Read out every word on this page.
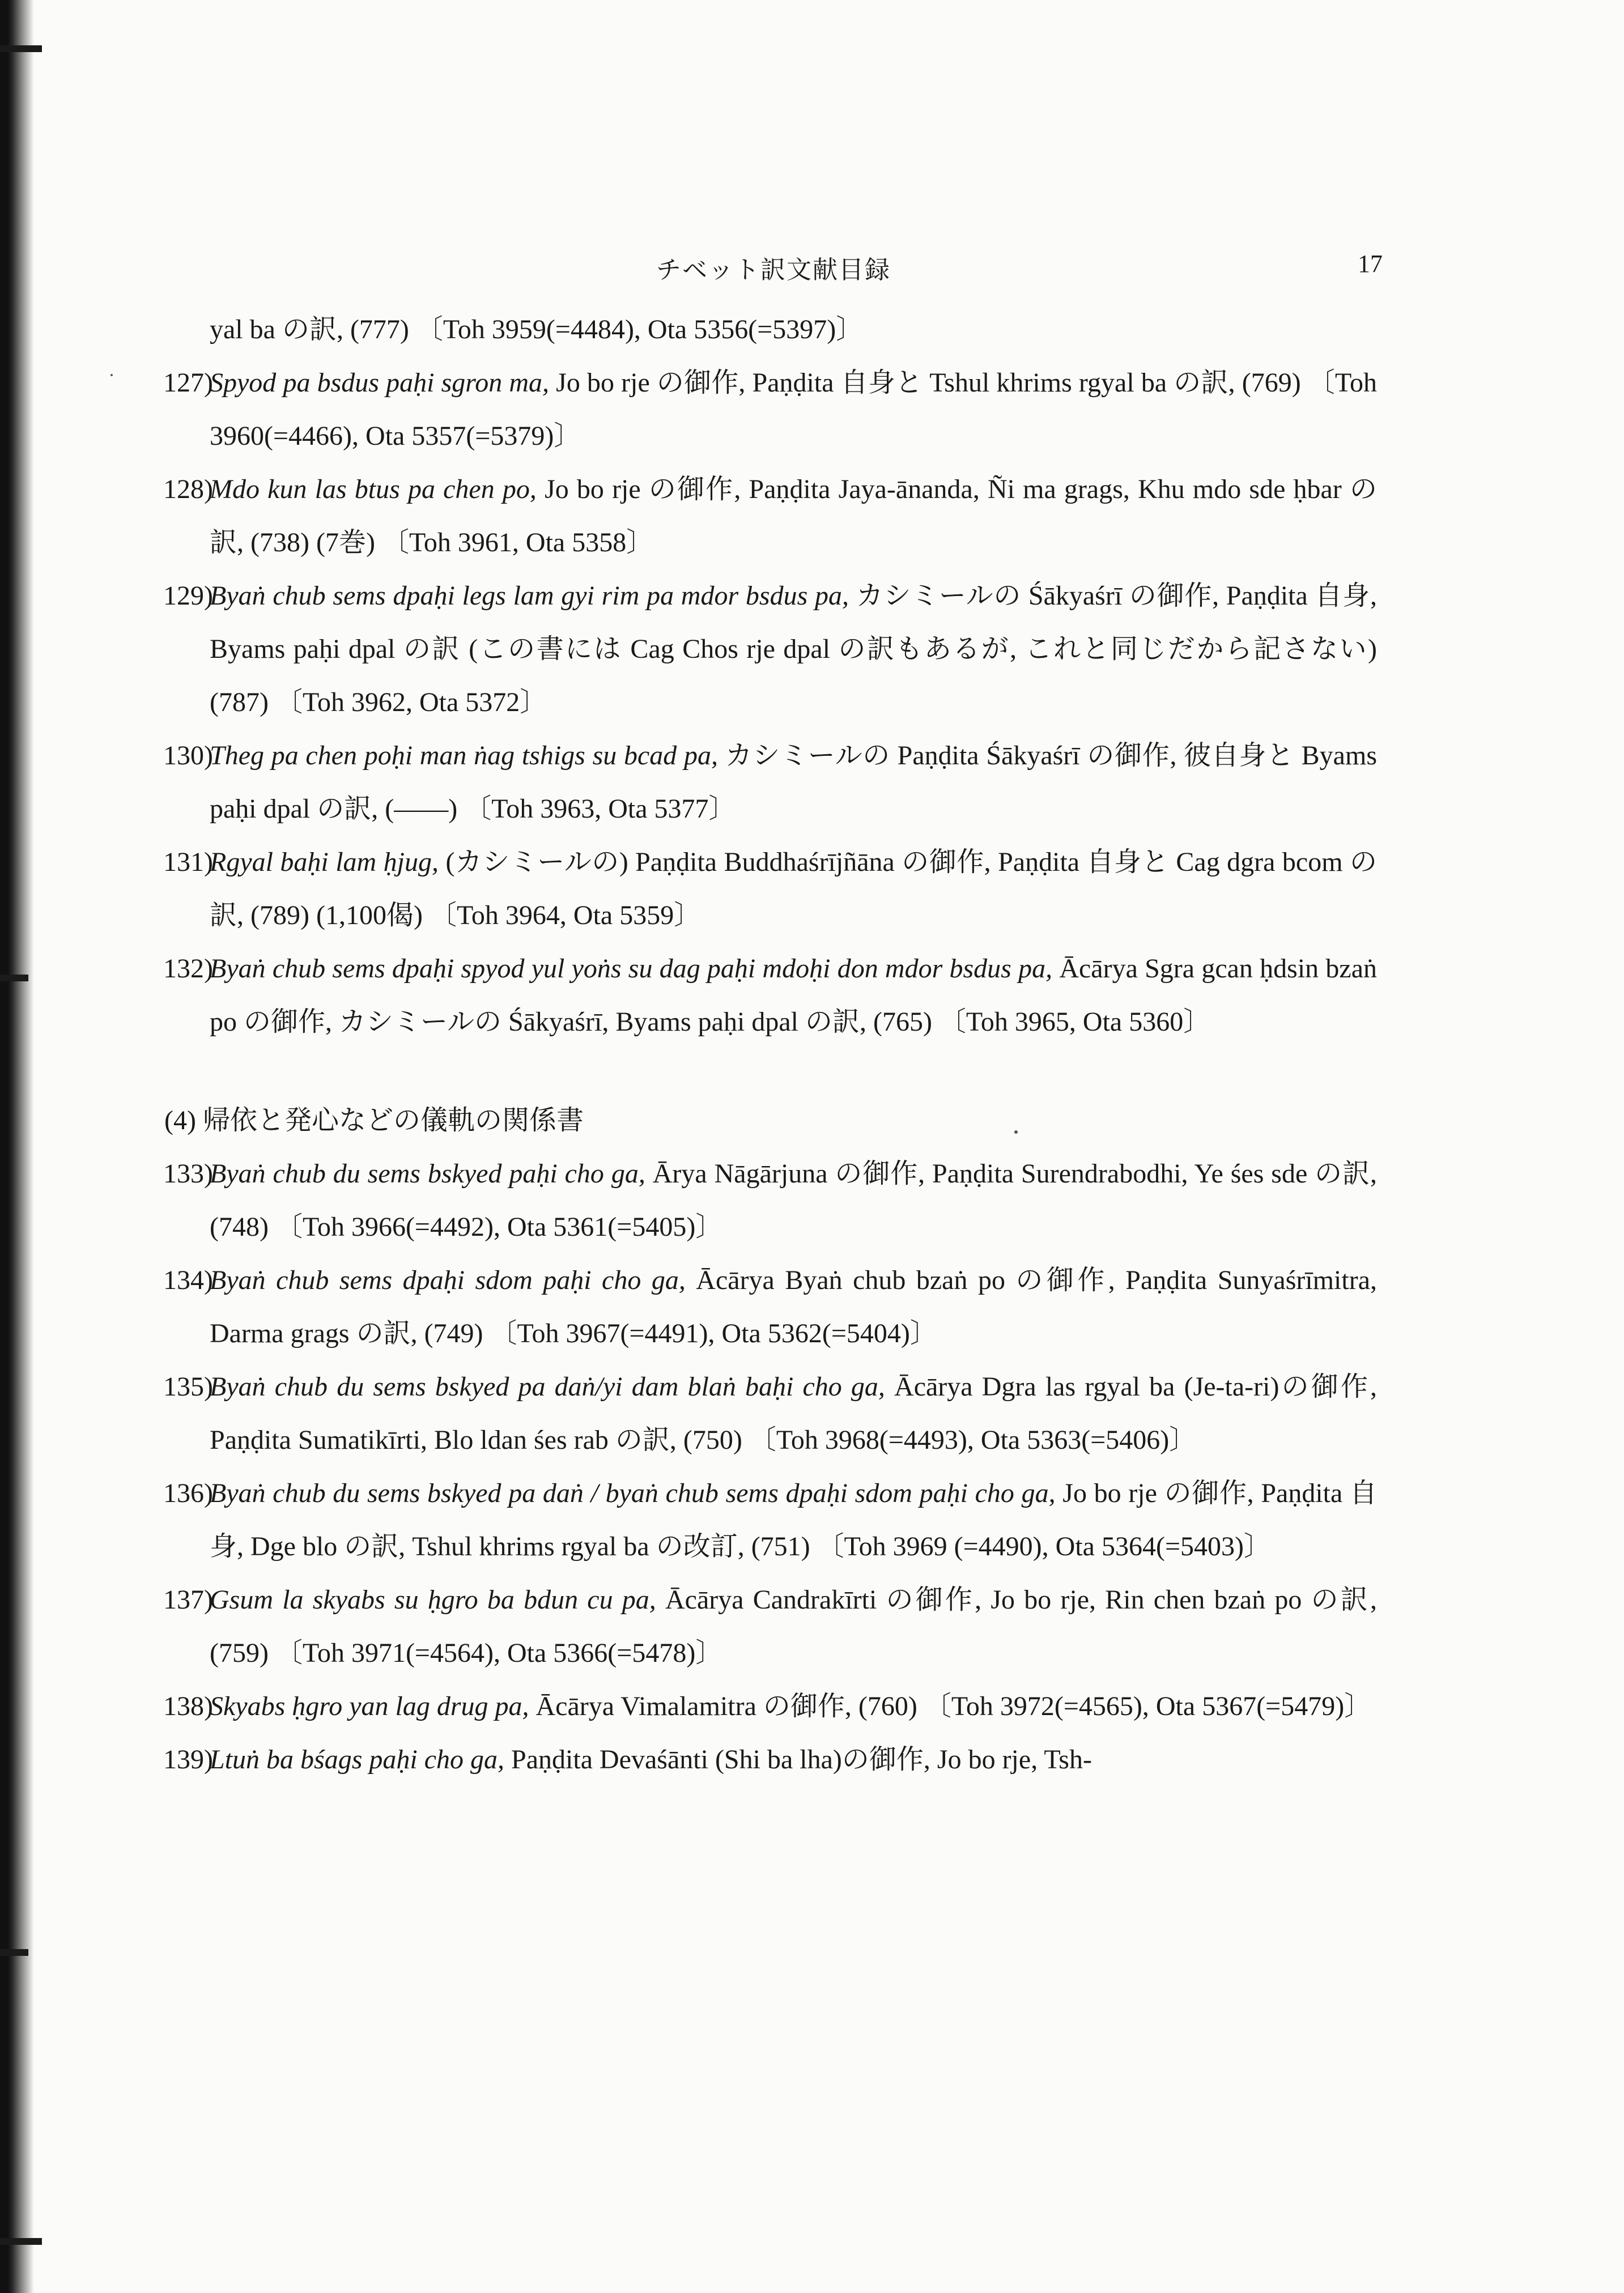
チベット訳文献目録	17
yal ba の訳, (777) 〔Toh 3959(=4484), Ota 5356(=5397)〕
127)
Spyod pa bsdus paḥi sgron ma, Jo bo rje の御作, Paṇḍita 自身と Tshul khrims rgyal ba の訳, (769) 〔Toh 3960(=4466), Ota 5357(=5379)〕
128)
Mdo kun las btus pa chen po, Jo bo rje の御作, Paṇḍita Jaya-ānanda, Ñi ma grags, Khu mdo sde ḥbar の訳, (738) (7巻) 〔Toh 3961, Ota 5358〕
129)
Byaṅ chub sems dpaḥi legs lam gyi rim pa mdor bsdus pa, カシミールの Śākyaśrī の御作, Paṇḍita 自身, Byams paḥi dpal の訳 (この書には Cag Chos rje dpal の訳もあるが, これと同じだから記さない) (787) 〔Toh 3962, Ota 5372〕
130)
Theg pa chen poḥi man ṅag tshigs su bcad pa, カシミールの Paṇḍita Śākyaśrī の御作, 彼自身と Byams paḥi dpal の訳, (——) 〔Toh 3963, Ota 5377〕
131)
Rgyal baḥi lam ḥjug, (カシミールの) Paṇḍita Buddhaśrījñāna の御作, Paṇḍita 自身と Cag dgra bcom の訳, (789) (1,100偈) 〔Toh 3964, Ota 5359〕
132)
Byaṅ chub sems dpaḥi spyod yul yoṅs su dag paḥi mdoḥi don mdor bsdus pa, Ācārya Sgra gcan ḥdsin bzaṅ po の御作, カシミールの Śākyaśrī, Byams paḥi dpal の訳, (765) 〔Toh 3965, Ota 5360〕
(4) 帰依と発心などの儀軌の関係書
133)
Byaṅ chub du sems bskyed paḥi cho ga, Ārya Nāgārjuna の御作, Paṇḍita Surendrabodhi, Ye śes sde の訳, (748) 〔Toh 3966(=4492), Ota 5361(=5405)〕
134)
Byaṅ chub sems dpaḥi sdom paḥi cho ga, Ācārya Byaṅ chub bzaṅ po の御作, Paṇḍita Sunyaśrīmitra, Darma grags の訳, (749) 〔Toh 3967(=4491), Ota 5362(=5404)〕
135)
Byaṅ chub du sems bskyed pa daṅ/yi dam blaṅ baḥi cho ga, Ācārya Dgra las rgyal ba (Je-ta-ri)の御作, Paṇḍita Sumatikīrti, Blo ldan śes rab の訳, (750) 〔Toh 3968(=4493), Ota 5363(=5406)〕
136)
Byaṅ chub du sems bskyed pa daṅ / byaṅ chub sems dpaḥi sdom paḥi cho ga, Jo bo rje の御作, Paṇḍita 自身, Dge blo の訳, Tshul khrims rgyal ba の改訂, (751) 〔Toh 3969 (=4490), Ota 5364(=5403)〕
137)
Gsum la skyabs su ḥgro ba bdun cu pa, Ācārya Candrakīrti の御作, Jo bo rje, Rin chen bzaṅ po の訳, (759) 〔Toh 3971(=4564), Ota 5366(=5478)〕
138)
Skyabs ḥgro yan lag drug pa, Ācārya Vimalamitra の御作, (760) 〔Toh 3972(=4565), Ota 5367(=5479)〕
139)
Ltuṅ ba bśags paḥi cho ga, Paṇḍita Devaśānti (Shi ba lha)の御作, Jo bo rje, Tsh-
